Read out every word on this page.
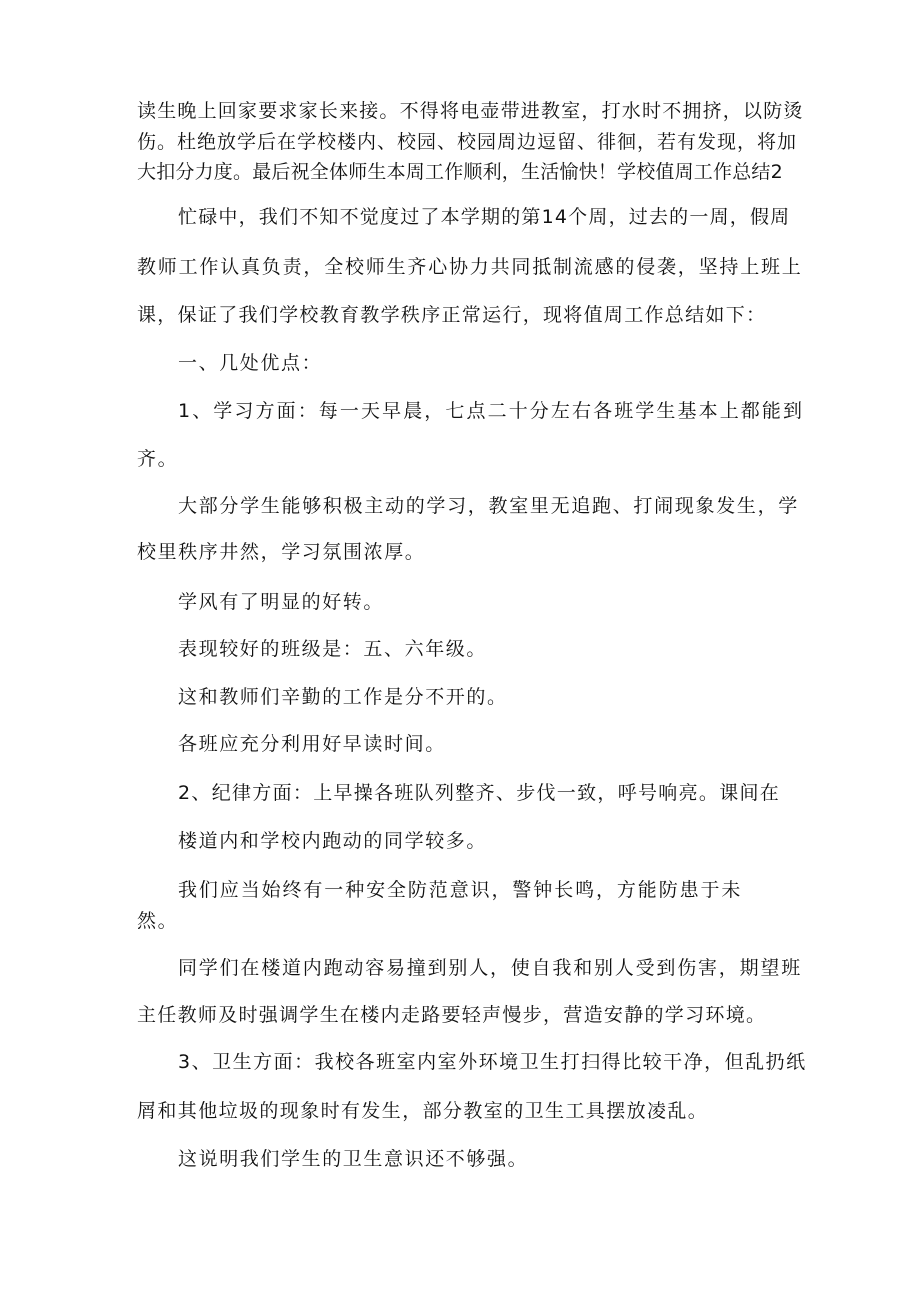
读生晚上回家要求家长来接。不得将电壶带进教室，打水时不拥挤，以防烫
伤。杜绝放学后在学校楼内、校园、校园周边逗留、徘徊，若有发现，将加
大扣分力度。最后祝全体师生本周工作顺利，生活愉快！学校值周工作总结2
忙碌中，我们不知不觉度过了本学期的第14个周，过去的一周，假周
教师工作认真负责，全校师生齐心协力共同抵制流感的侵袭，坚持上班上
课，保证了我们学校教育教学秩序正常运行，现将值周工作总结如下：
一、几处优点：
1、学习方面：每一天早晨，七点二十分左右各班学生基本上都能到
齐。
大部分学生能够积极主动的学习，教室里无追跑、打闹现象发生，学
校里秩序井然，学习氛围浓厚。
学风有了明显的好转。
表现较好的班级是：五、六年级。
这和教师们辛勤的工作是分不开的。
各班应充分利用好早读时间。
2、纪律方面：上早操各班队列整齐、步伐一致，呼号响亮。课间在
楼道内和学校内跑动的同学较多。
我们应当始终有一种安全防范意识，警钟长鸣，方能防患于未
然。
同学们在楼道内跑动容易撞到别人，使自我和别人受到伤害，期望班
主任教师及时强调学生在楼内走路要轻声慢步，营造安静的学习环境。
3、卫生方面：我校各班室内室外环境卫生打扫得比较干净，但乱扔纸
屑和其他垃圾的现象时有发生，部分教室的卫生工具摆放凌乱。
这说明我们学生的卫生意识还不够强。
